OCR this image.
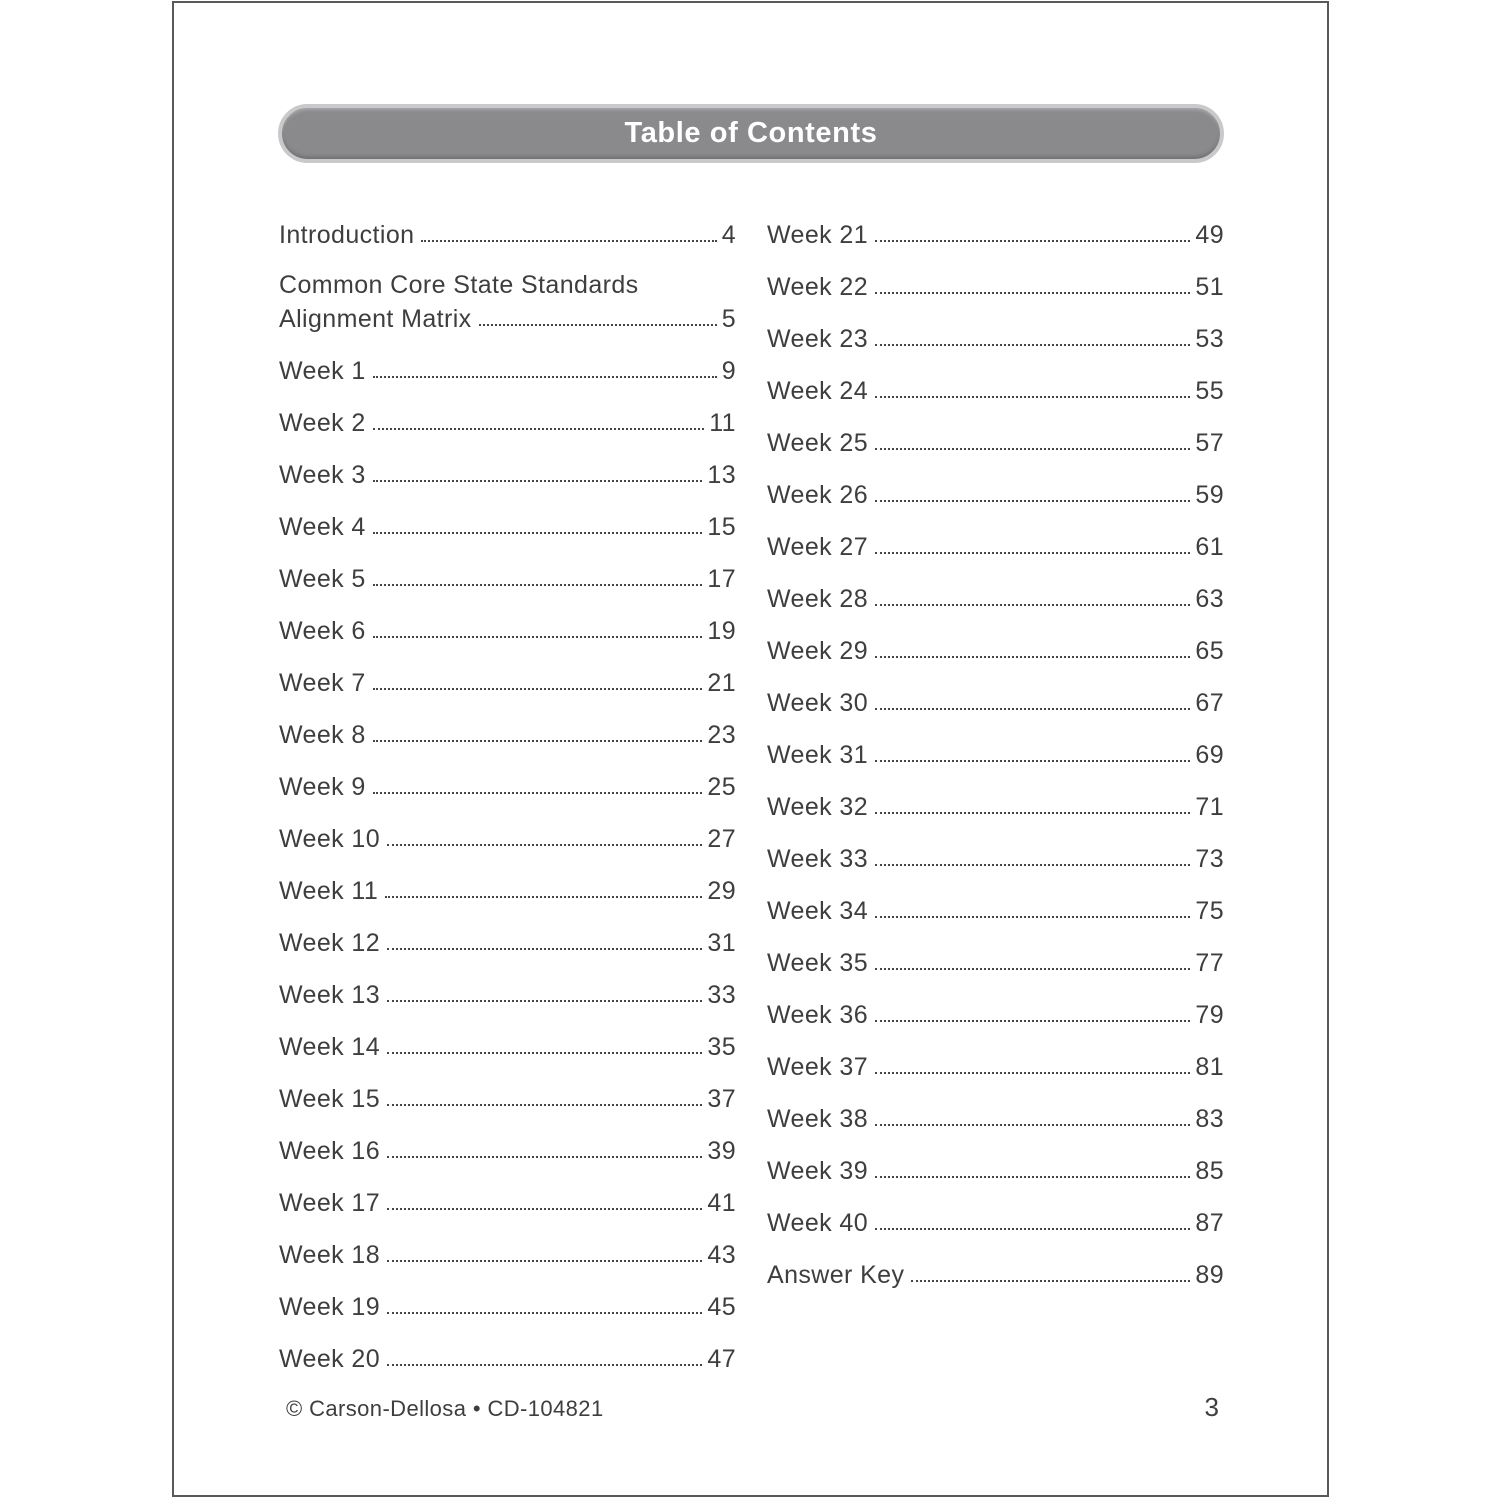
Table of Contents
Introduction	4
Common Core State Standards
Alignment Matrix	5
Week 1	9
Week 2	11
Week 3	13
Week 4	15
Week 5	17
Week 6	19
Week 7	21
Week 8	23
Week 9	25
Week 10	27
Week 11	29
Week 12	31
Week 13	33
Week 14	35
Week 15	37
Week 16	39
Week 17	41
Week 18	43
Week 19	45
Week 20	47
Week 21	49
Week 22	51
Week 23	53
Week 24	55
Week 25	57
Week 26	59
Week 27	61
Week 28	63
Week 29	65
Week 30	67
Week 31	69
Week 32	71
Week 33	73
Week 34	75
Week 35	77
Week 36	79
Week 37	81
Week 38	83
Week 39	85
Week 40	87
Answer Key	89
© Carson-Dellosa • CD-104821	3
